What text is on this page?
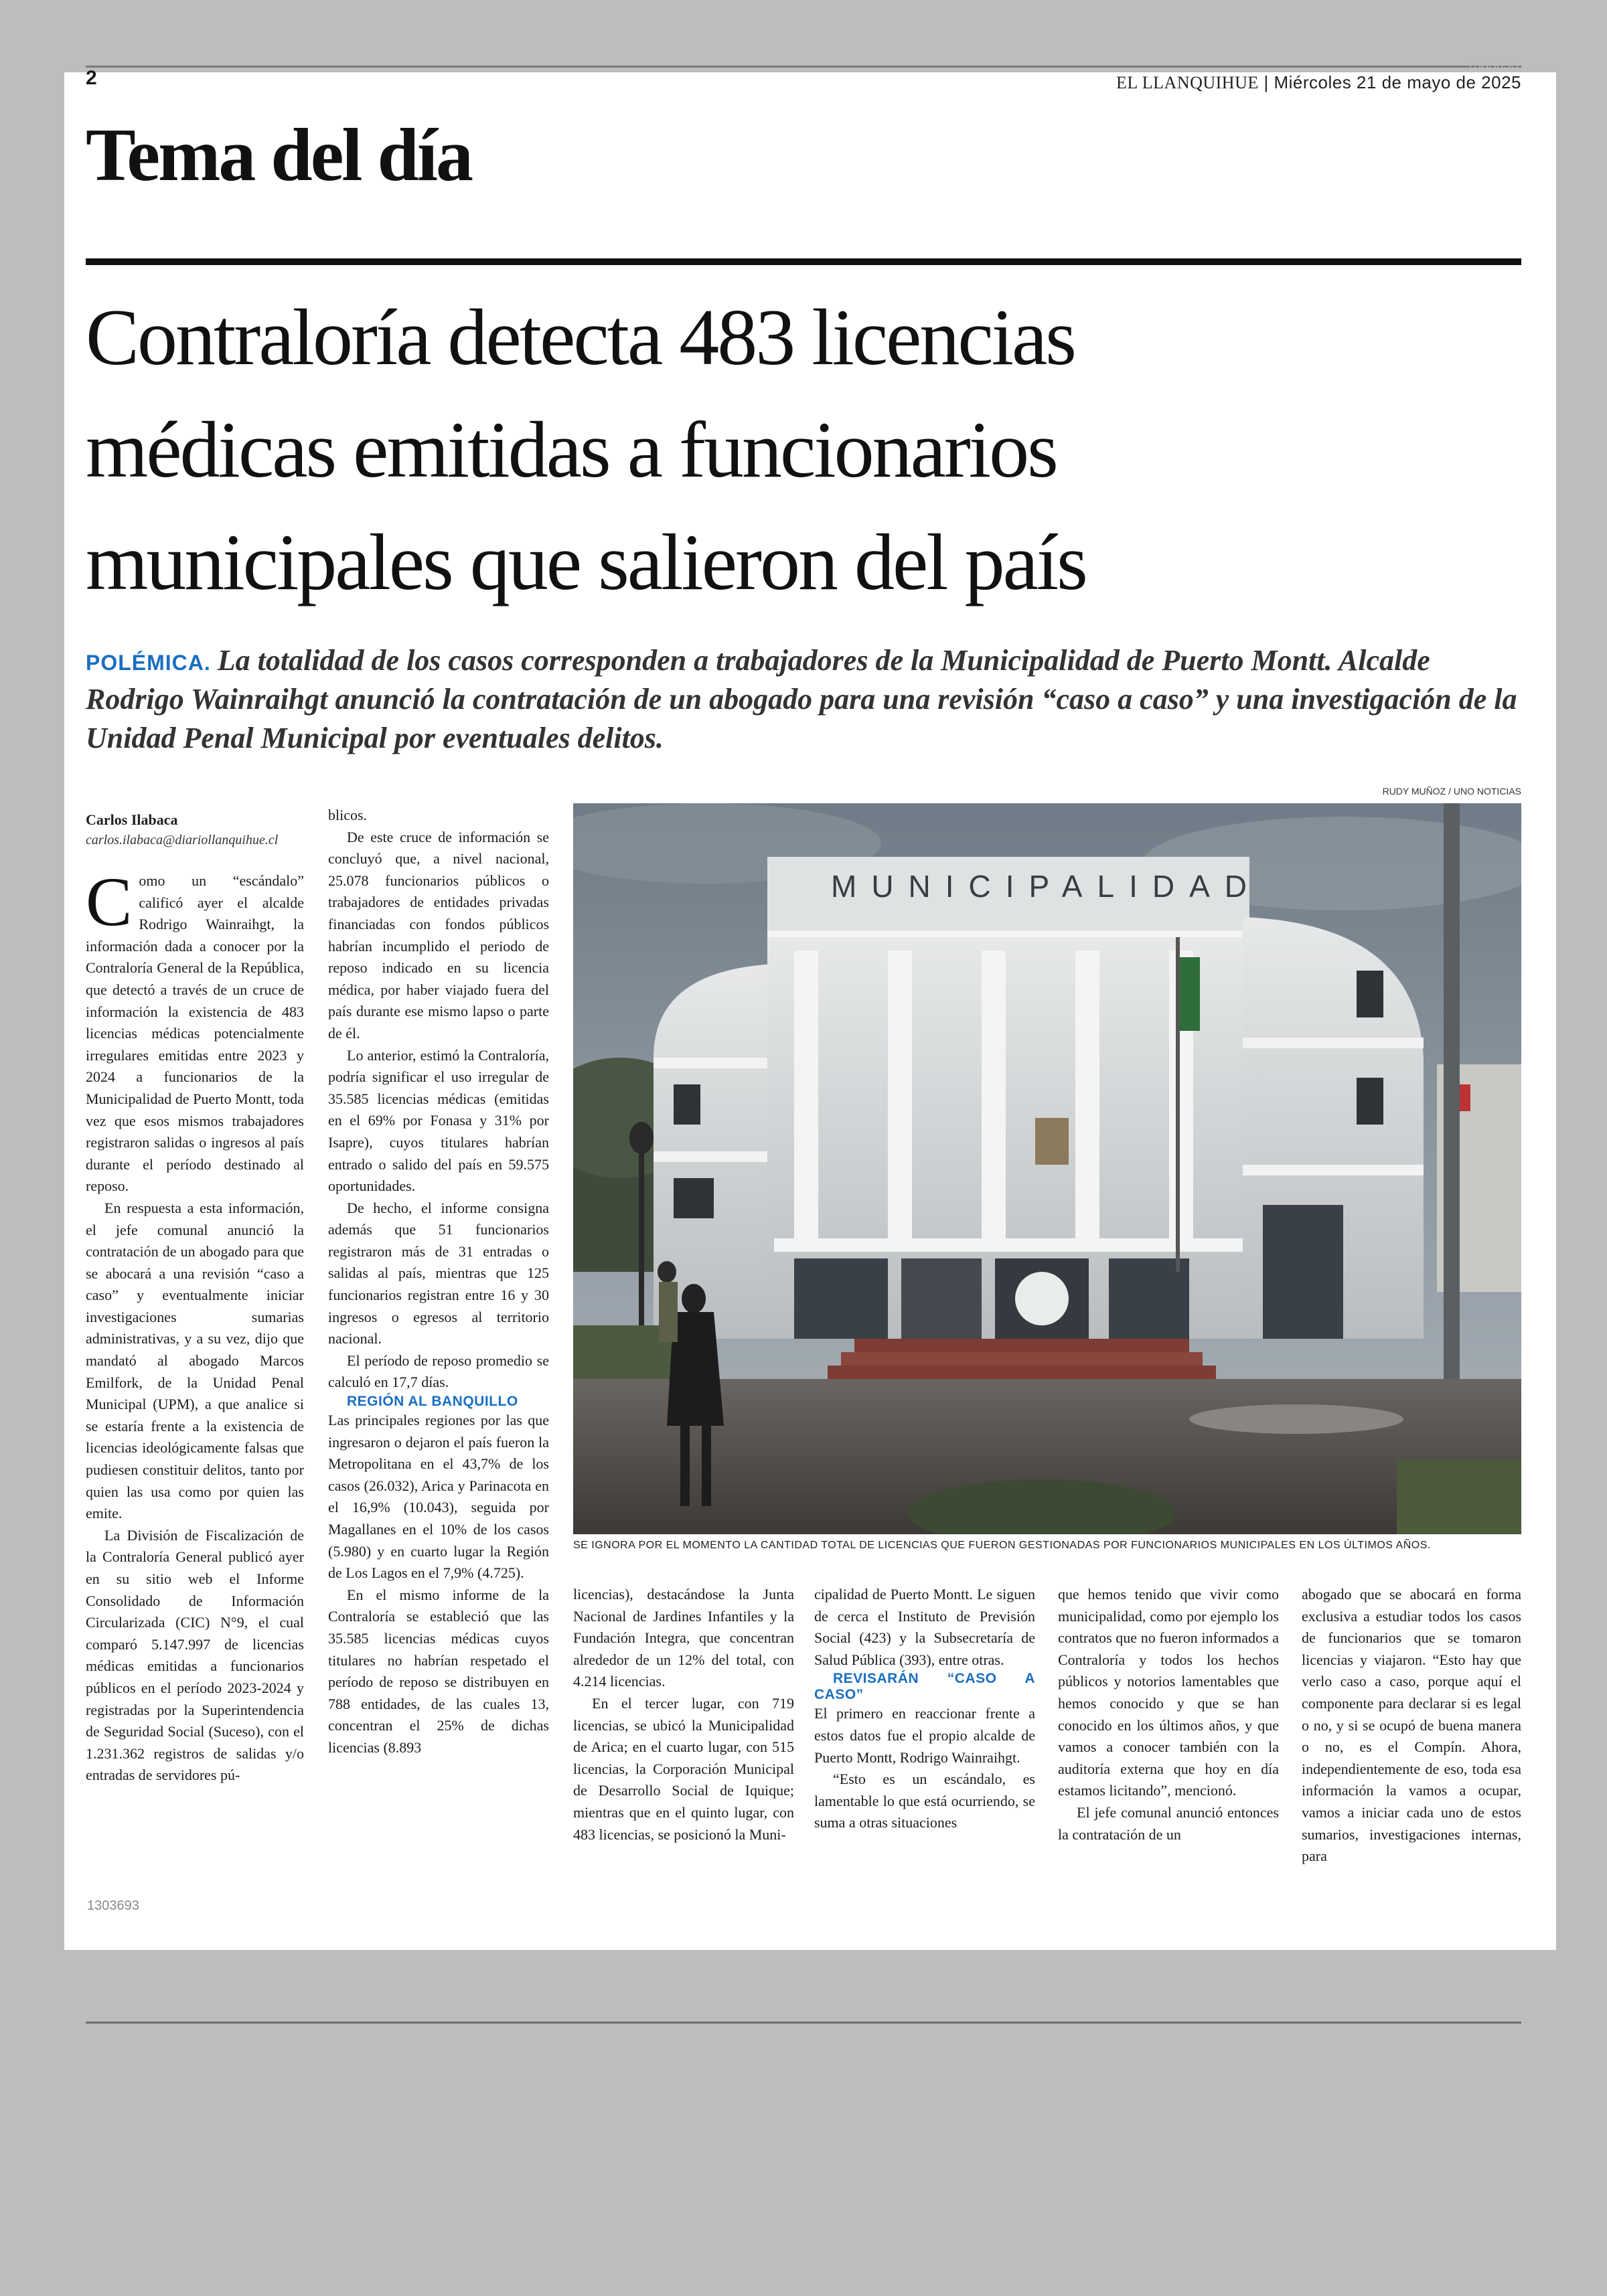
2
1303693
EL LLANQUIHUE | Miércoles 21 de mayo de 2025
Tema del día
Contraloría detecta 483 licencias
médicas emitidas a funcionarios
municipales que salieron del país
POLÉMICA. La totalidad de los casos corresponden a trabajadores de la Municipalidad de Puerto Montt. Alcalde Rodrigo Wainraihgt anunció la contratación de un abogado para una revisión “caso a caso” y una investigación de la Unidad Penal Municipal por eventuales delitos.
RUDY MUÑOZ / UNO NOTICIAS
MUNICIPALIDAD
SE IGNORA POR EL MOMENTO LA CANTIDAD TOTAL DE LICENCIAS QUE FUERON GESTIONADAS POR FUNCIONARIOS MUNICIPALES EN LOS ÚLTIMOS AÑOS.
Carlos Ilabaca
carlos.ilabaca@diariollanquihue.cl

Como un “escándalo” calificó ayer el alcalde Rodrigo Wainraihgt, la información dada a conocer por la Contraloría General de la República, que detectó a través de un cruce de información la existencia de 483 licencias médicas potencialmente irregulares emitidas entre 2023 y 2024 a funcionarios de la Municipalidad de Puerto Montt, toda vez que esos mismos trabajadores registraron salidas o ingresos al país durante el período destinado al reposo.

En respuesta a esta información, el jefe comunal anunció la contratación de un abogado para que se abocará a una revisión “caso a caso” y eventualmente iniciar investigaciones sumarias administrativas, y a su vez, dijo que mandató al abogado Marcos Emilfork, de la Unidad Penal Municipal (UPM), a que analice si se estaría frente a la existencia de licencias ideológicamente falsas que pudiesen constituir delitos, tanto por quien las usa como por quien las emite.

La División de Fiscalización de la Contraloría General publicó ayer en su sitio web el Informe Consolidado de Información Circularizada (CIC) N°9, el cual comparó 5.147.997 de licencias médicas emitidas a funcionarios públicos en el período 2023-2024 y registradas por la Superintendencia de Seguridad Social (Suceso), con el 1.231.362 registros de salidas y/o entradas de servidores pú-

blicos.

De este cruce de información se concluyó que, a nivel nacional, 25.078 funcionarios públicos o trabajadores de entidades privadas financiadas con fondos públicos habrían incumplido el periodo de reposo indicado en su licencia médica, por haber viajado fuera del país durante ese mismo lapso o parte de él.

Lo anterior, estimó la Contraloría, podría significar el uso irregular de 35.585 licencias médicas (emitidas en el 69% por Fonasa y 31% por Isapre), cuyos titulares habrían entrado o salido del país en 59.575 oportunidades.

De hecho, el informe consigna además que 51 funcionarios registraron más de 31 entradas o salidas al país, mientras que 125 funcionarios registran entre 16 y 30 ingresos o egresos al territorio nacional.

El período de reposo promedio se calculó en 17,7 días.

REGIÓN AL BANQUILLO

Las principales regiones por las que ingresaron o dejaron el país fueron la Metropolitana en el 43,7% de los casos (26.032), Arica y Parinacota en el 16,9% (10.043), seguida por Magallanes en el 10% de los casos (5.980) y en cuarto lugar la Región de Los Lagos en el 7,9% (4.725).

En el mismo informe de la Contraloría se estableció que las 35.585 licencias médicas cuyos titulares no habrían respetado el período de reposo se distribuyen en 788 entidades, de las cuales 13, concentran el 25% de dichas licencias (8.893

licencias), destacándose la Junta Nacional de Jardines Infantiles y la Fundación Integra, que concentran alrededor de un 12% del total, con 4.214 licencias.

En el tercer lugar, con 719 licencias, se ubicó la Municipalidad de Arica; en el cuarto lugar, con 515 licencias, la Corporación Municipal de Desarrollo Social de Iquique; mientras que en el quinto lugar, con 483 licencias, se posicionó la Muni-

cipalidad de Puerto Montt. Le siguen de cerca el Instituto de Previsión Social (423) y la Subsecretaría de Salud Pública (393), entre otras.

REVISARÁN “CASO A CASO”

El primero en reaccionar frente a estos datos fue el propio alcalde de Puerto Montt, Rodrigo Wainraihgt.

“Esto es un escándalo, es lamentable lo que está ocurriendo, se suma a otras situaciones

que hemos tenido que vivir como municipalidad, como por ejemplo los contratos que no fueron informados a Contraloría y todos los hechos públicos y notorios lamentables que hemos conocido y que se han conocido en los últimos años, y que vamos a conocer también con la auditoría externa que hoy en día estamos licitando”, mencionó.

El jefe comunal anunció entonces la contratación de un

abogado que se abocará en forma exclusiva a estudiar todos los casos de funcionarios que se tomaron licencias y viajaron. “Esto hay que verlo caso a caso, porque aquí el componente para declarar si es legal o no, y si se ocupó de buena manera o no, es el Compín. Ahora, independientemente de eso, toda esa información la vamos a ocupar, vamos a iniciar cada uno de estos sumarios, investigaciones internas, para

1303693
